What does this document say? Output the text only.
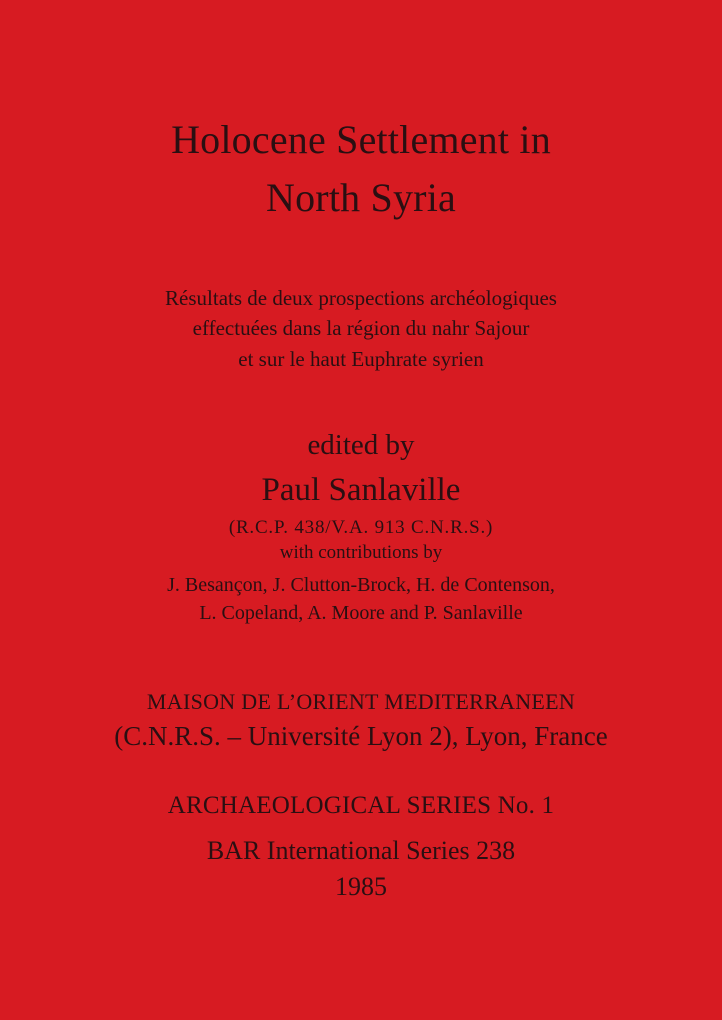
Holocene Settlement in
North Syria
Résultats de deux prospections archéologiques
effectuées dans la région du nahr Sajour
et sur le haut Euphrate syrien
edited by
Paul Sanlaville
(R.C.P. 438/V.A. 913 C.N.R.S.)
with contributions by
J. Besançon, J. Clutton-Brock, H. de Contenson,
L. Copeland, A. Moore and P. Sanlaville
MAISON DE L’ORIENT MEDITERRANEEN
(C.N.R.S. – Université Lyon 2), Lyon, France
ARCHAEOLOGICAL SERIES No. 1
BAR International Series 238
1985
